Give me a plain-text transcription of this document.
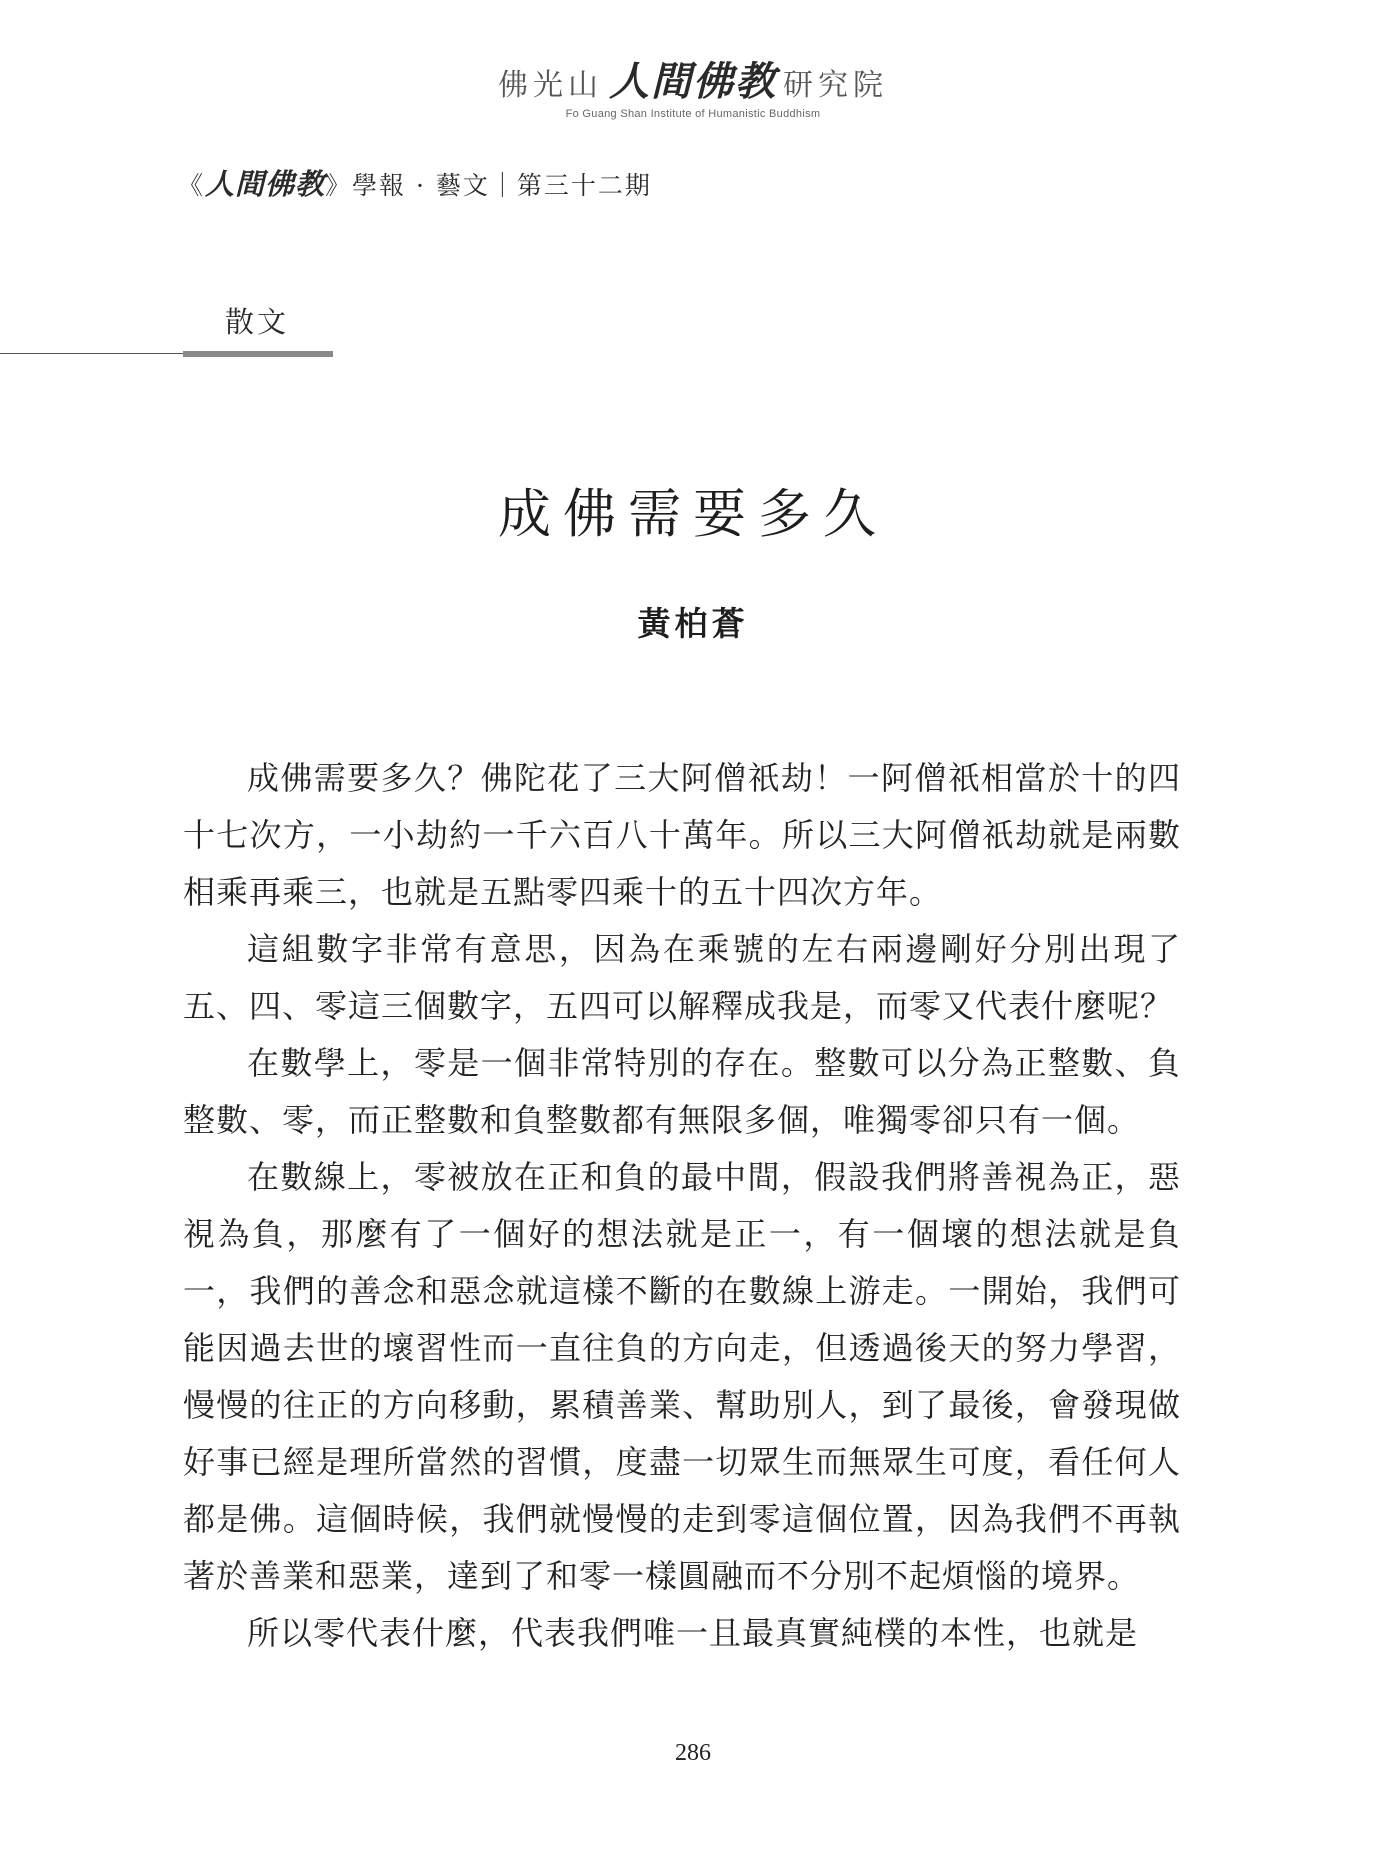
佛光山 人間佛教 研究院
Fo Guang Shan Institute of Humanistic Buddhism
《人間佛教》學報 · 藝文｜第三十二期
散文
成佛需要多久
黃柏蒼

成佛需要多久？佛陀花了三大阿僧祇劫！一阿僧祇相當於十的四十七次方，一小劫約一千六百八十萬年。所以三大阿僧祇劫就是兩數相乘再乘三，也就是五點零四乘十的五十四次方年。

這組數字非常有意思，因為在乘號的左右兩邊剛好分別出現了五、四、零這三個數字，五四可以解釋成我是，而零又代表什麼呢？

在數學上，零是一個非常特別的存在。整數可以分為正整數、負整數、零，而正整數和負整數都有無限多個，唯獨零卻只有一個。

在數線上，零被放在正和負的最中間，假設我們將善視為正，惡視為負，那麼有了一個好的想法就是正一，有一個壞的想法就是負一，我們的善念和惡念就這樣不斷的在數線上游走。一開始，我們可能因過去世的壞習性而一直往負的方向走，但透過後天的努力學習，慢慢的往正的方向移動，累積善業、幫助別人，到了最後，會發現做好事已經是理所當然的習慣，度盡一切眾生而無眾生可度，看任何人都是佛。這個時候，我們就慢慢的走到零這個位置，因為我們不再執著於善業和惡業，達到了和零一樣圓融而不分別不起煩惱的境界。

所以零代表什麼，代表我們唯一且最真實純樸的本性，也就是

286
